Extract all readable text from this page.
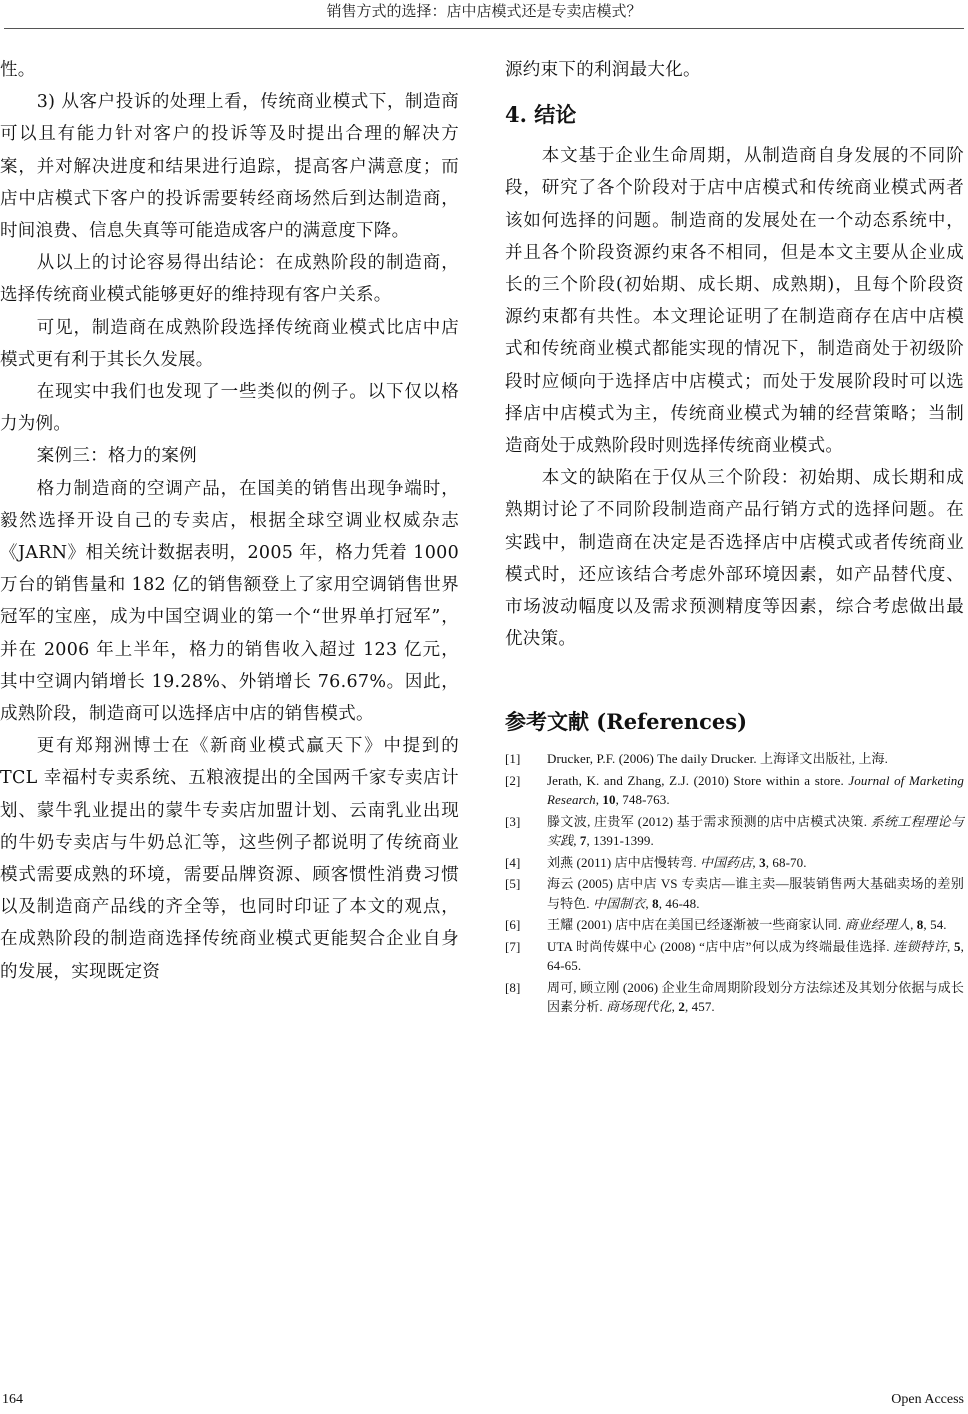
销售方式的选择：店中店模式还是专卖店模式？

性。

3) 从客户投诉的处理上看，传统商业模式下，制造商可以且有能力针对客户的投诉等及时提出合理的解决方案，并对解决进度和结果进行追踪，提高客户满意度；而店中店模式下客户的投诉需要转经商场然后到达制造商，时间浪费、信息失真等可能造成客户的满意度下降。

从以上的讨论容易得出结论：在成熟阶段的制造商，选择传统商业模式能够更好的维持现有客户关系。

可见，制造商在成熟阶段选择传统商业模式比店中店模式更有利于其长久发展。

在现实中我们也发现了一些类似的例子。以下仅以格力为例。

案例三：格力的案例

格力制造商的空调产品，在国美的销售出现争端时，毅然选择开设自己的专卖店，根据全球空调业权威杂志《JARN》相关统计数据表明，2005 年，格力凭着 1000 万台的销售量和 182 亿的销售额登上了家用空调销售世界冠军的宝座，成为中国空调业的第一个“世界单打冠军”，并在 2006 年上半年，格力的销售收入超过 123 亿元，其中空调内销增长 19.28%、外销增长 76.67%。因此，成熟阶段，制造商可以选择店中店的销售模式。

更有郑翔洲博士在《新商业模式赢天下》中提到的 TCL 幸福村专卖系统、五粮液提出的全国两千家专卖店计划、蒙牛乳业提出的蒙牛专卖店加盟计划、云南乳业出现的牛奶专卖店与牛奶总汇等，这些例子都说明了传统商业模式需要成熟的环境，需要品牌资源、顾客惯性消费习惯以及制造商产品线的齐全等，也同时印证了本文的观点，在成熟阶段的制造商选择传统商业模式更能契合企业自身的发展，实现既定资

源约束下的利润最大化。

4. 结论

本文基于企业生命周期，从制造商自身发展的不同阶段，研究了各个阶段对于店中店模式和传统商业模式两者该如何选择的问题。制造商的发展处在一个动态系统中，并且各个阶段资源约束各不相同，但是本文主要从企业成长的三个阶段(初始期、成长期、成熟期)，且每个阶段资源约束都有共性。本文理论证明了在制造商存在店中店模式和传统商业模式都能实现的情况下，制造商处于初级阶段时应倾向于选择店中店模式；而处于发展阶段时可以选择店中店模式为主，传统商业模式为辅的经营策略；当制造商处于成熟阶段时则选择传统商业模式。

本文的缺陷在于仅从三个阶段：初始期、成长期和成熟期讨论了不同阶段制造商产品行销方式的选择问题。在实践中，制造商在决定是否选择店中店模式或者传统商业模式时，还应该结合考虑外部环境因素，如产品替代度、市场波动幅度以及需求预测精度等因素，综合考虑做出最优决策。

参考文献 (References)
[1] Drucker, P.F. (2006) The daily Drucker. 上海译文出版社, 上海.
[2] Jerath, K. and Zhang, Z.J. (2010) Store within a store. Journal of Marketing Research, 10, 748-763.
[3] 滕文波, 庄贵军 (2012) 基于需求预测的店中店模式决策. 系统工程理论与实践, 7, 1391-1399.
[4] 刘燕 (2011) 店中店慢转弯. 中国药店, 3, 68-70.
[5] 海云 (2005) 店中店 VS 专卖店—谁主卖—服装销售两大基础卖场的差别与特色. 中国制衣, 8, 46-48.
[6] 王耀 (2001) 店中店在美国已经逐渐被一些商家认同. 商业经理人, 8, 54.
[7] UTA 时尚传媒中心 (2008) “店中店”何以成为终端最佳选择. 连锁特许, 5, 64-65.
[8] 周可, 顾立刚 (2006) 企业生命周期阶段划分方法综述及其划分依据与成长因素分析. 商场现代化, 2, 457.
164	Open Access
